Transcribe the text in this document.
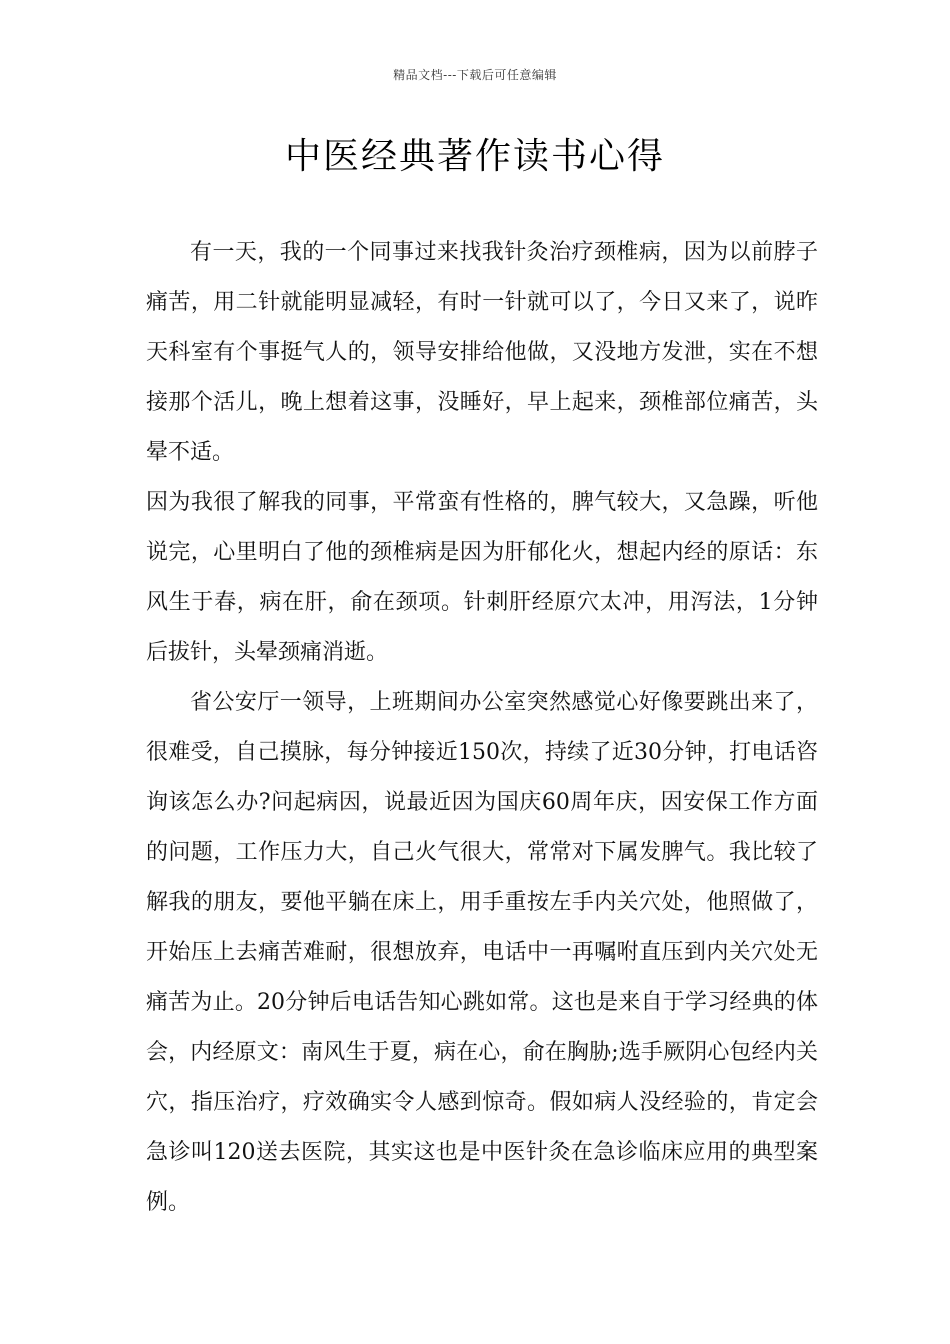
精品文档---下载后可任意编辑
中医经典著作读书心得

有一天，我的一个同事过来找我针灸治疗颈椎病，因为以前脖子痛苦，用二针就能明显减轻，有时一针就可以了，今日又来了，说昨天科室有个事挺气人的，领导安排给他做，又没地方发泄，实在不想接那个活儿，晚上想着这事，没睡好，早上起来，颈椎部位痛苦，头晕不适。

因为我很了解我的同事，平常蛮有性格的，脾气较大，又急躁，听他说完，心里明白了他的颈椎病是因为肝郁化火，想起内经的原话：东风生于春，病在肝，俞在颈项。针刺肝经原穴太冲，用泻法，1分钟后拔针，头晕颈痛消逝。

省公安厅一领导，上班期间办公室突然感觉心好像要跳出来了，很难受，自己摸脉，每分钟接近150次，持续了近30分钟，打电话咨询该怎么办?问起病因，说最近因为国庆60周年庆，因安保工作方面的问题，工作压力大，自己火气很大，常常对下属发脾气。我比较了解我的朋友，要他平躺在床上，用手重按左手内关穴处，他照做了，开始压上去痛苦难耐，很想放弃，电话中一再嘱咐直压到内关穴处无痛苦为止。20分钟后电话告知心跳如常。这也是来自于学习经典的体会，内经原文：南风生于夏，病在心，俞在胸胁;选手厥阴心包经内关穴，指压治疗，疗效确实令人感到惊奇。假如病人没经验的，肯定会急诊叫120送去医院，其实这也是中医针灸在急诊临床应用的典型案例。
